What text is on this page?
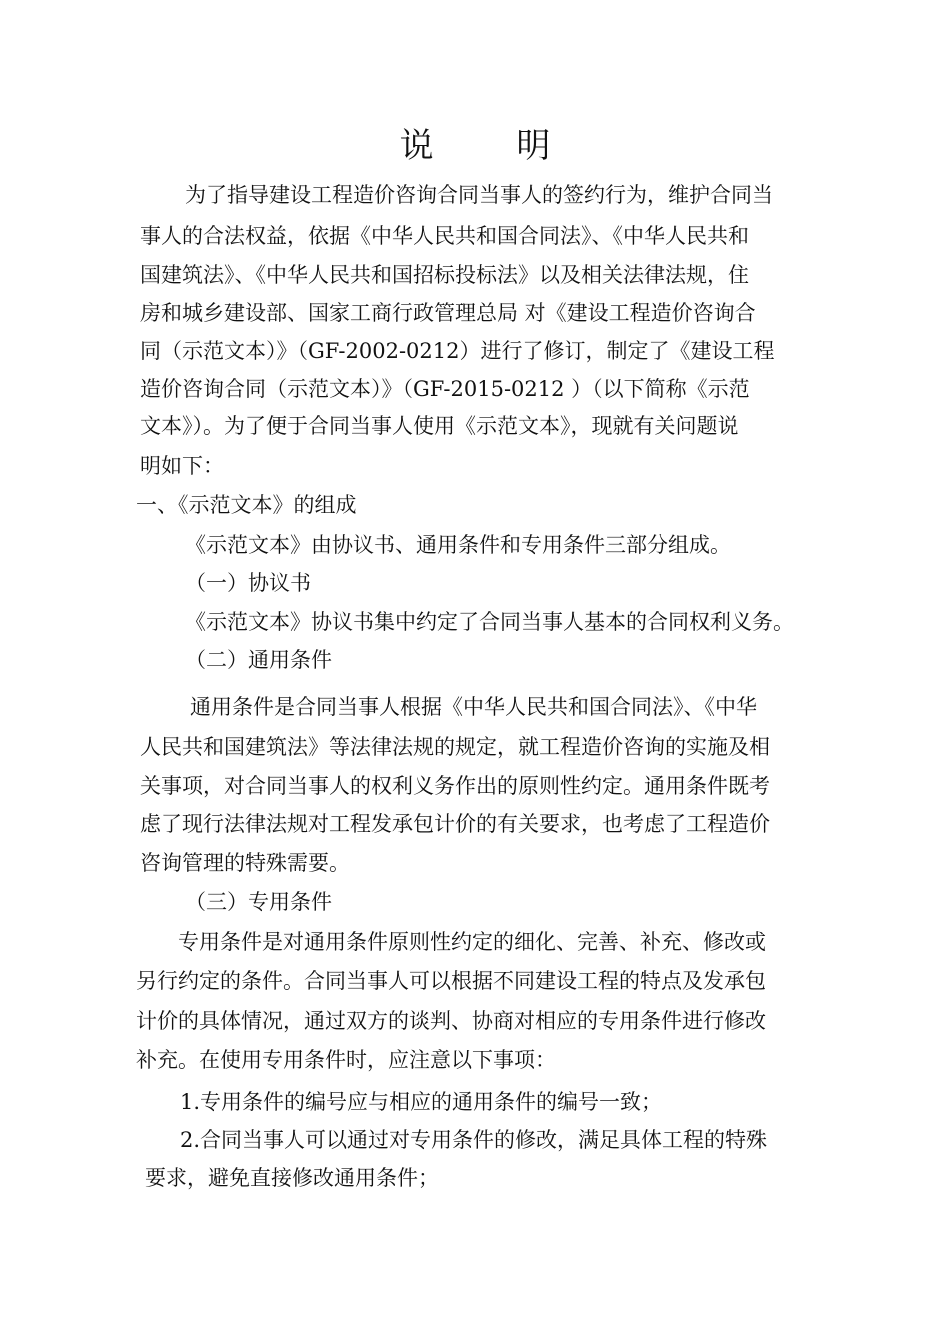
说 明
为了指导建设工程造价咨询合同当事人的签约行为，维护合同当
事人的合法权益，依据《中华人民共和国合同法》、《中华人民共和
国建筑法》、《中华人民共和国招标投标法》以及相关法律法规，住
房和城乡建设部、国家工商行政管理总局 对《建设工程造价咨询合
同（示范文本）》（GF-2002-0212）进行了修订，制定了《建设工程
造价咨询合同（示范文本）》（GF-2015-0212 ）（以下简称《示范
文本》）。为了便于合同当事人使用《示范文本》，现就有关问题说
明如下：
一、《示范文本》的组成
《示范文本》由协议书、通用条件和专用条件三部分组成。
（一）协议书
《示范文本》协议书集中约定了合同当事人基本的合同权利义务。
（二）通用条件
通用条件是合同当事人根据《中华人民共和国合同法》、《中华
人民共和国建筑法》等法律法规的规定，就工程造价咨询的实施及相
关事项，对合同当事人的权利义务作出的原则性约定。通用条件既考
虑了现行法律法规对工程发承包计价的有关要求，也考虑了工程造价
咨询管理的特殊需要。
（三）专用条件
专用条件是对通用条件原则性约定的细化、完善、补充、修改或
另行约定的条件。合同当事人可以根据不同建设工程的特点及发承包
计价的具体情况，通过双方的谈判、协商对相应的专用条件进行修改
补充。在使用专用条件时，应注意以下事项：
1.专用条件的编号应与相应的通用条件的编号一致；
2.合同当事人可以通过对专用条件的修改，满足具体工程的特殊
要求，避免直接修改通用条件；
